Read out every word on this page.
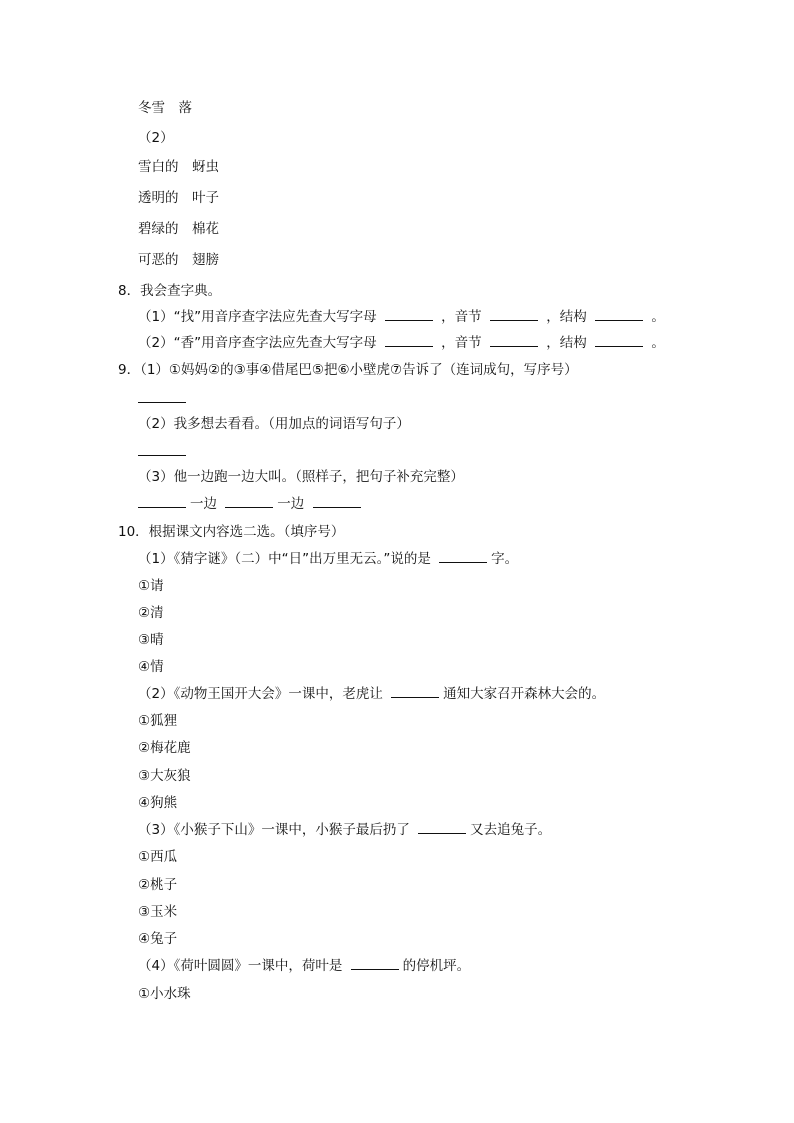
冬雪　落
（2）
雪白的　蚜虫
透明的　叶子
碧绿的　棉花
可恶的　翅膀
8．我会查字典。
（1）“找”用音序查字法应先查大写字母	，音节	，结构	。
（2）“香”用音序查字法应先查大写字母	，音节	，结构	。
9．（1）①妈妈②的③事④借尾巴⑤把⑥小壁虎⑦告诉了（连词成句，写序号）
（2）我多想去看看。（用加点的词语写句子）
（3）他一边跑一边大叫。（照样子，把句子补充完整）
一边	一边
10．根据课文内容选二选。（填序号）
（1）《猜字谜》（二）中“日”出万里无云。”说的是	字。
①请
②清
③晴
④情
（2）《动物王国开大会》一课中，老虎让	通知大家召开森林大会的。
①狐狸
②梅花鹿
③大灰狼
④狗熊
（3）《小猴子下山》一课中，小猴子最后扔了	又去追兔子。
①西瓜
②桃子
③玉米
④兔子
（4）《荷叶圆圆》一课中，荷叶是	的停机坪。
①小水珠
